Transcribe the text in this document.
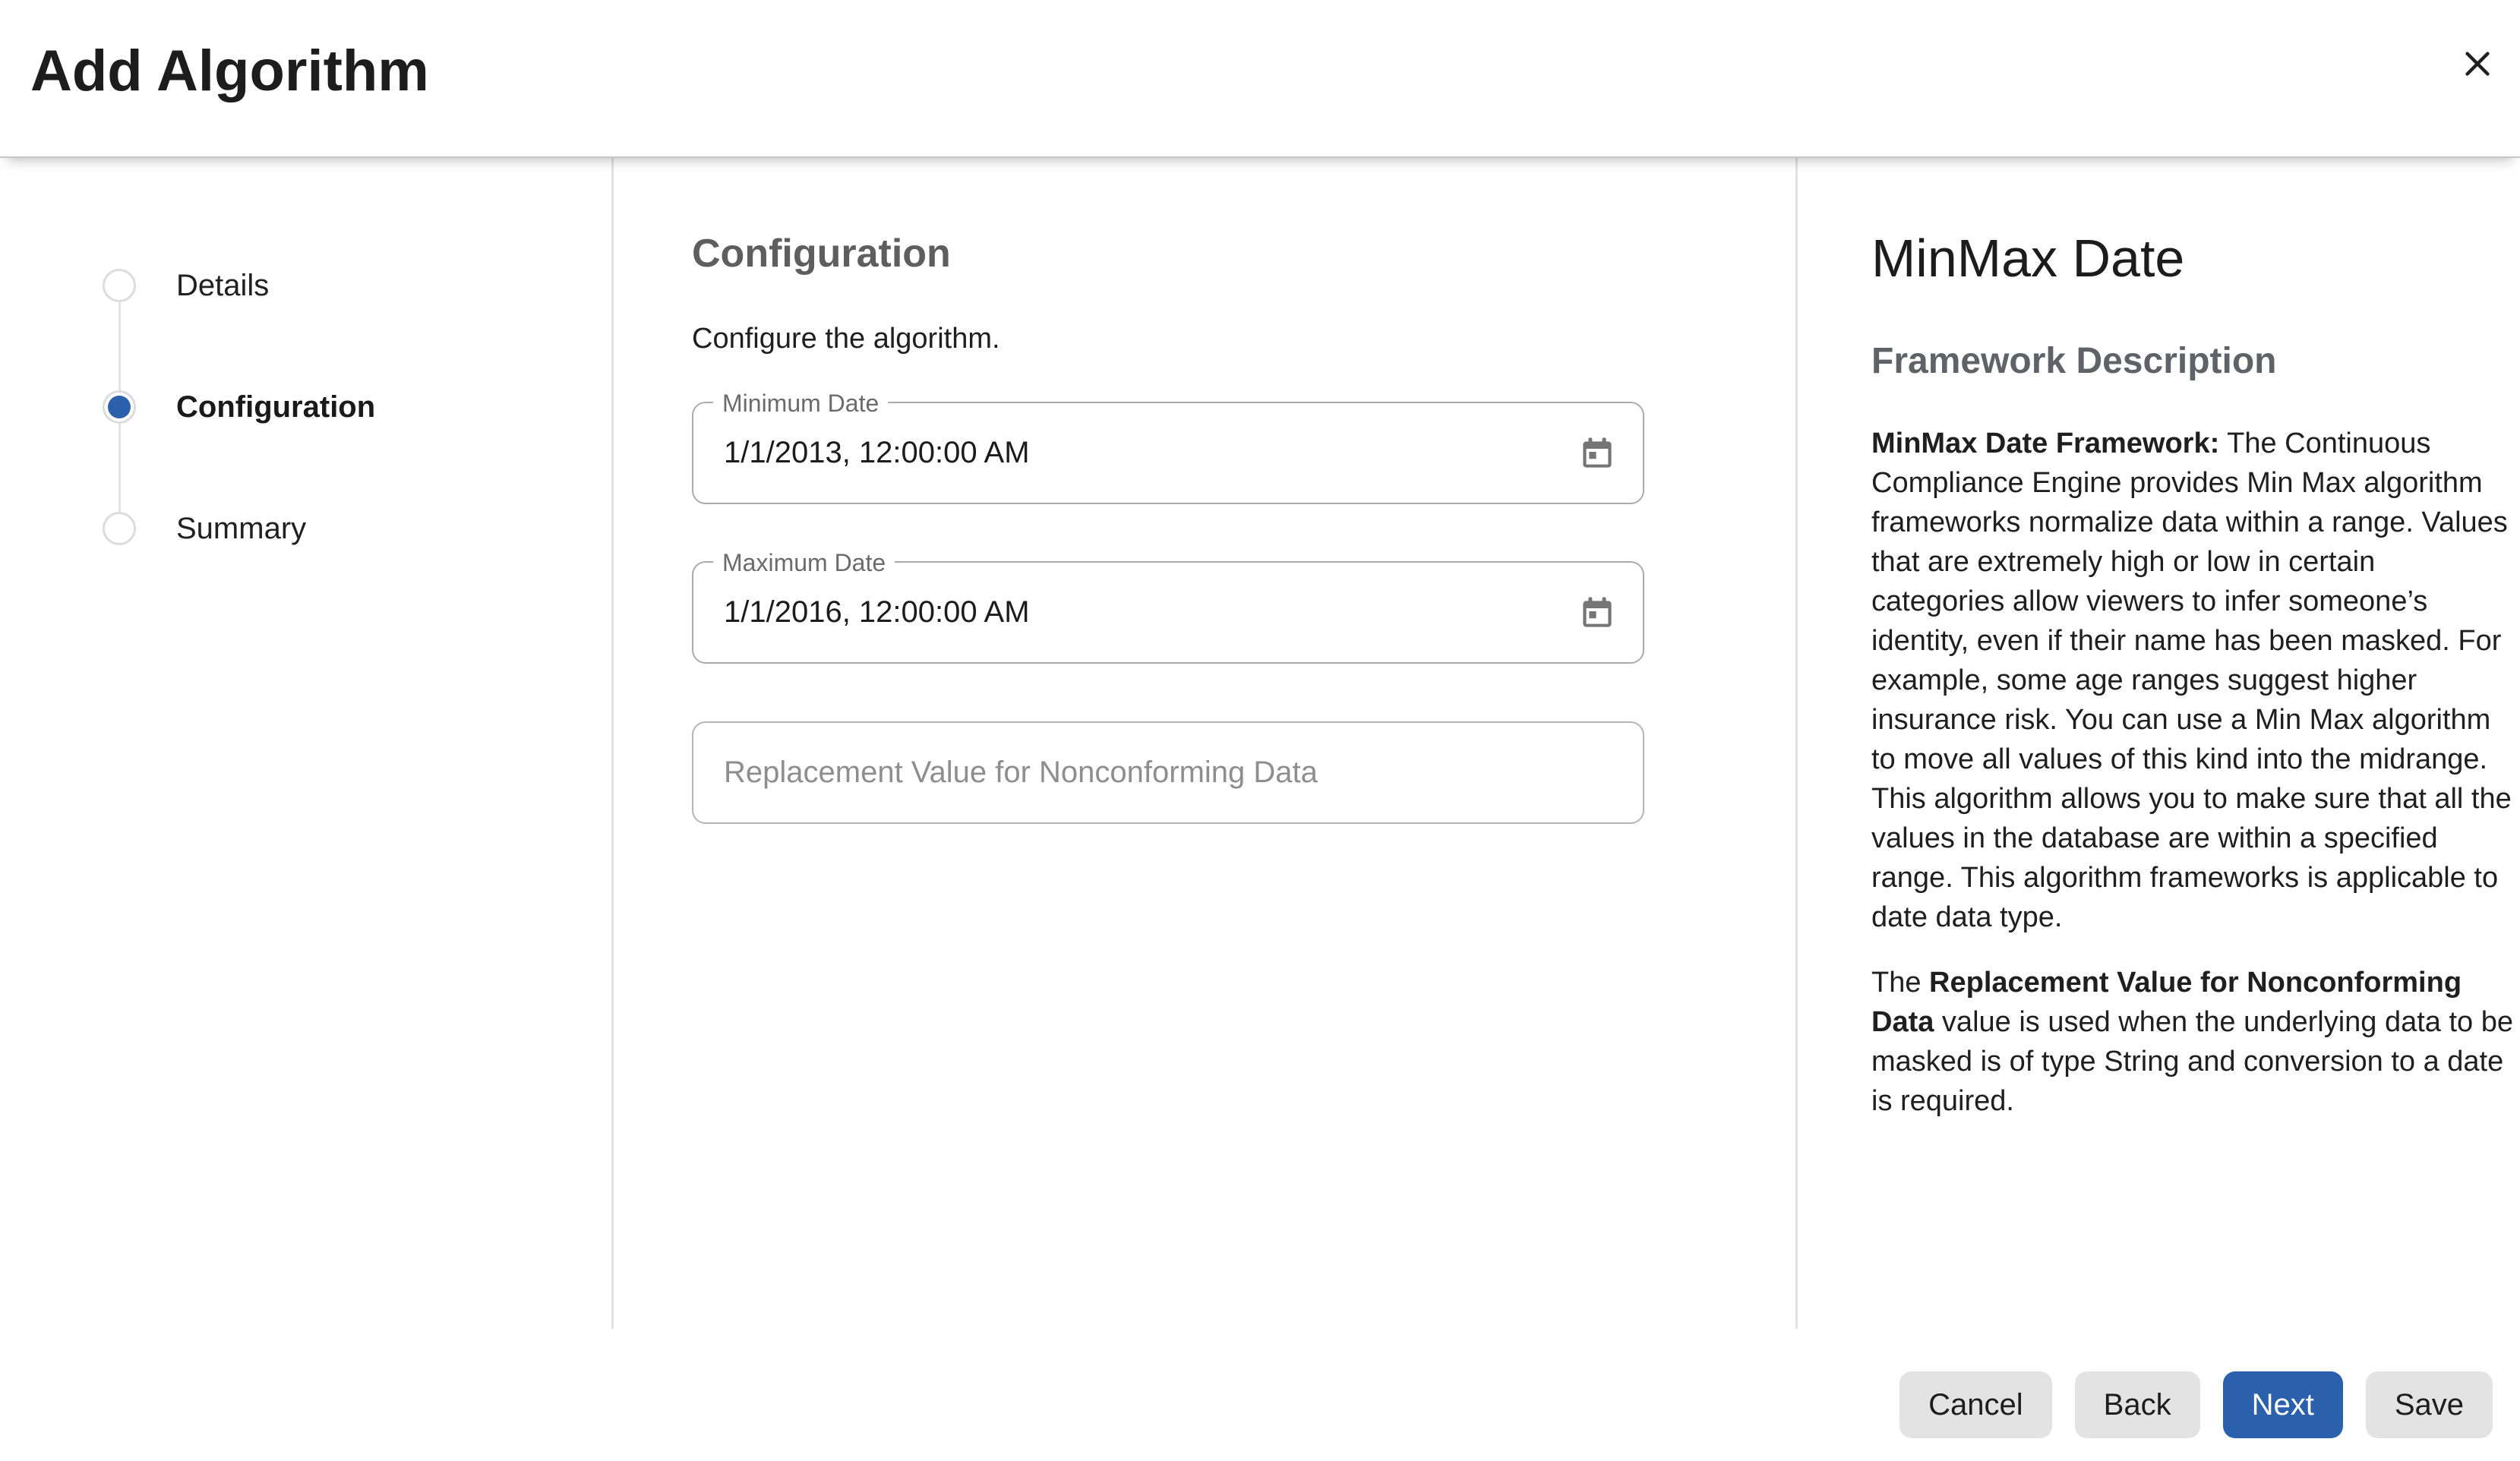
Add Algorithm
Details
Configuration
Summary
Configuration

Configure the algorithm.

Minimum Date
1/1/2013, 12:00:00 AM
Maximum Date
1/1/2016, 12:00:00 AM
Replacement Value for Nonconforming Data
MinMax Date
Framework Description

MinMax Date Framework: The Continuous Compliance Engine provides Min Max algorithm frameworks normalize data within a range. Values that are extremely high or low in certain categories allow viewers to infer someone’s identity, even if their name has been masked. For example, some age ranges suggest higher insurance risk. You can use a Min Max algorithm to move all values of this kind into the midrange. This algorithm allows you to make sure that all the values in the database are within a specified range. This algorithm frameworks is applicable to date data type.

The Replacement Value for Nonconforming Data value is used when the underlying data to be masked is of type String and conversion to a date is required.

Cancel	Back	Next	Save
